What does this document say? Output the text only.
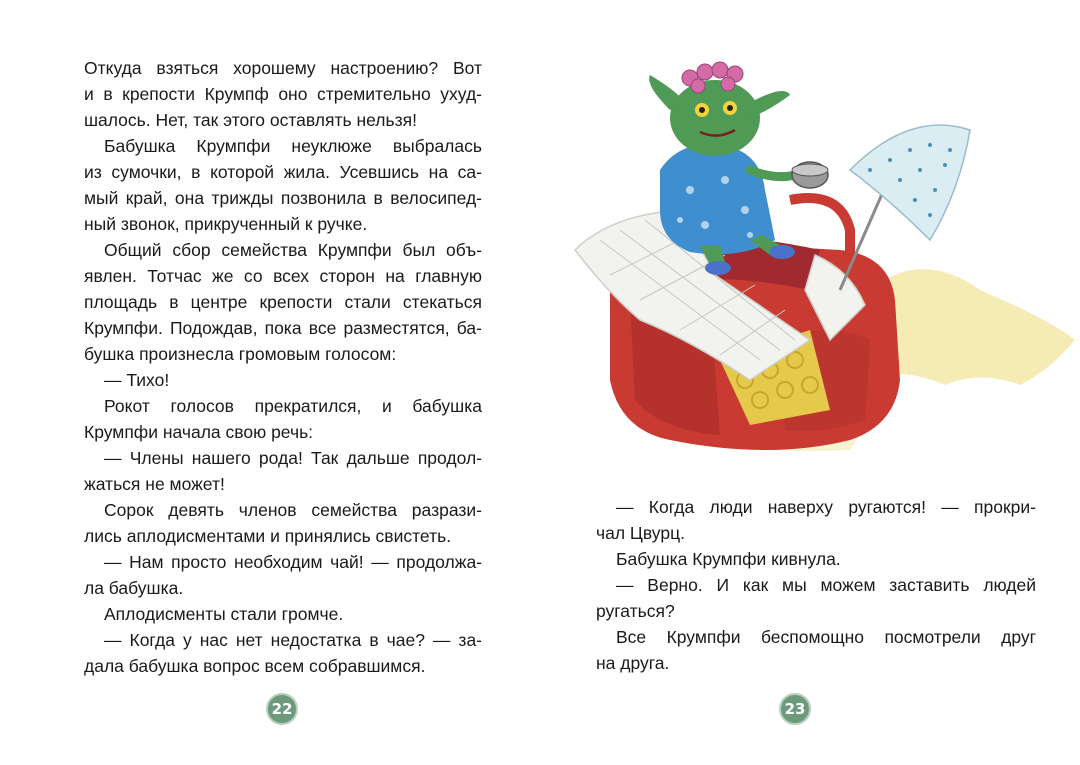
Откуда взяться хорошему настроению? Вот
и в крепости Крумпф оно стремительно ухуд-
шалось. Нет, так этого оставлять нельзя!
Бабушка Крумпфи неуклюже выбралась
из сумочки, в которой жила. Усевшись на са-
мый край, она трижды позвонила в велосипед-
ный звонок, прикрученный к ручке.
Общий сбор семейства Крумпфи был объ-
явлен. Тотчас же со всех сторон на главную
площадь в центре крепости стали стекаться
Крумпфи. Подождав, пока все разместятся, ба-
бушка произнесла громовым голосом:
— Тихо!
Рокот голосов прекратился, и бабушка
Крумпфи начала свою речь:
— Члены нашего рода! Так дальше продол-
жаться не может!
Сорок девять членов семейства разрази-
лись аплодисментами и принялись свистеть.
— Нам просто необходим чай! — продолжа-
ла бабушка.
Аплодисменты стали громче.
— Когда у нас нет недостатка в чае? — за-
дала бабушка вопрос всем собравшимся.
22
— Когда люди наверху ругаются! — прокри-
чал Цвурц.
Бабушка Крумпфи кивнула.
— Верно. И как мы можем заставить людей
ругаться?
Все Крумпфи беспомощно посмотрели друг
на друга.
23
